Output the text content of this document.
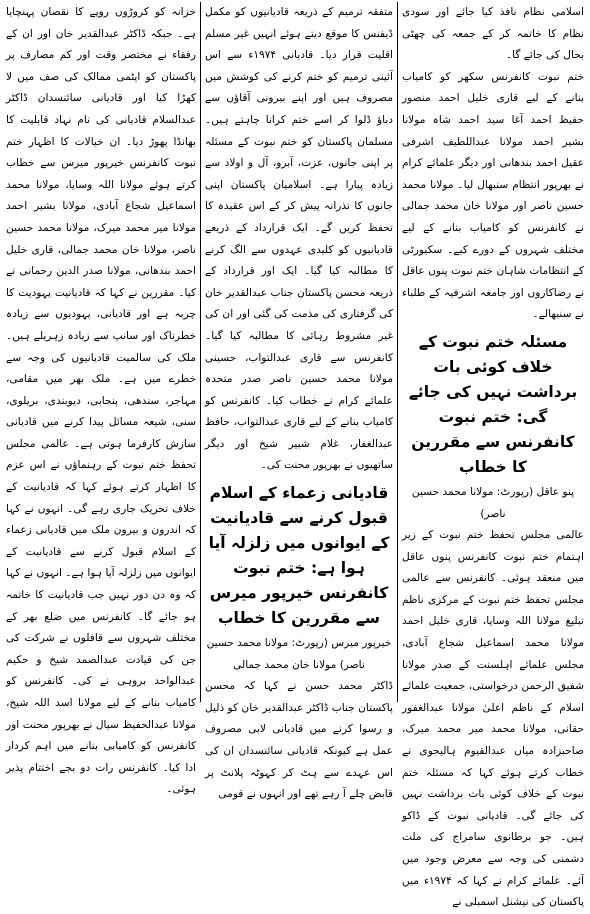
اسلامی نظام نافذ کیا جائے اور سودی نظام کا خاتمہ کر کے جمعہ کی چھٹی بحال کی جائے گا۔

ختم نبوت کانفرنس سکھر کو کامیاب بنانے کے لیے قاری خلیل احمد منصور حفیظ احمد آغا سید احمد شاہ مولانا بشیر احمد مولانا عبداللطیف اشرفی عقیل احمد بندھانی اور دیگر علمائے کرام نے بھرپور انتظام سنبھال لیا۔ مولانا محمد حسین ناصر اور مولانا خان محمد جمالی نے کانفرنس کو کامیاب بنانے کے لیے مختلف شہروں کے دورے کیے۔ سکیورٹی کے انتظامات شاہان ختم نبوت پنوں عاقل نے رضاکاروں اور جامعہ اشرفیہ کے طلباء نے سنبھالے۔

مسئلہ ختم نبوت کے خلاف کوئی بات برداشت نہیں کی جائے گی: ختم نبوت کانفرنس سے مقررین کا خطاب
پنو عاقل (رپورٹ: مولانا محمد حسین ناصر)

عالمی مجلس تحفظ ختم نبوت کے زیر اہتمام ختم نبوت کانفرنس پنوں عاقل میں منعقد ہوئی۔ کانفرنس سے عالمی مجلس تحفظ ختم نبوت کے مرکزی ناظم تبلیغ مولانا اللہ وسایا، قاری خلیل احمد مولانا محمد اسماعیل شجاع آبادی، مجلس علمائے اہلسنت کے صدر مولانا شفیق الرحمن درخواستی، جمعیت علمائے اسلام کے ناظم اعلیٰ مولانا عبدالغفور حقانی، مولانا محمد میر محمد میرک، صاحبزادہ میاں عبدالقیوم ہالیجوی نے خطاب کرتے ہوئے کہا کہ مسئلہ ختم نبوت کے خلاف کوئی بات برداشت نہیں کی جائے گی۔ قادیانی نبوت کے ڈاکو ہیں۔ جو برطانوی سامراج کی ملت دشمنی کی وجہ سے معرض وجود میں آئے۔ علمائے کرام نے کہا کہ ۱۹۷۴ء میں پاکستان کی نیشنل اسمبلی نے

متفقہ ترمیم کے ذریعہ قادیانیوں کو مکمل ڈیفنس کا موقع دیتے ہوئے انہیں غیر مسلم اقلیت قرار دیا۔ قادیانی ۱۹۷۴ء سے اس آئینی ترمیم کو ختم کرنے کی کوشش میں مصروف ہیں اور اپنے بیرونی آقاؤں سے دباؤ ڈلوا کر اسے ختم کرانا چاہتے ہیں۔ مسلمان پاکستان کو ختم نبوت کے مسئلہ پر اپنی جانوں، عزت، آبرو، آل و اولاد سے زیادہ پیارا ہے۔ اسلامیان پاکستان اپنی جانوں کا نذرانہ پیش کر کے اس عقیدہ کا تحفظ کریں گے۔ ایک قرارداد کے ذریعے قادیانیوں کو کلیدی عہدوں سے الگ کرنے کا مطالبہ کیا گیا۔ ایک اور قرارداد کے ذریعہ محسن پاکستان جناب عبدالقدیر خان کی گرفتاری کی مذمت کی گئی اور ان کی غیر مشروط رہائی کا مطالبہ کیا گیا۔ کانفرنس سے قاری عبدالتواب، حسینی مولانا محمد حسین ناصر صدر متحدہ علمائے کرام نے خطاب کیا۔ کانفرنس کو کامیاب بنانے کے لیے قاری عبدالتواب، حافظ عبدالغفار، غلام شبیر شیخ اور دیگر ساتھیوں نے بھرپور محنت کی۔

قادیانی زعماء کے اسلام قبول کرنے سے قادیانیت کے ایوانوں میں زلزلہ آیا ہوا ہے: ختم نبوت کانفرنس خیرپور میرس سے مقررین کا خطاب
خیرپور میرس (رپورٹ: مولانا محمد حسین ناصر) مولانا خان محمد جمالی

ڈاکٹر محمد حسن نے کہا کہ محسن پاکستان جناب ڈاکٹر عبدالقدیر خان کو ذلیل و رسوا کرنے میں قادیانی لابی مصروف عمل ہے کیونکہ قادیانی سائنسدان ان کی اس عہدے سے ہٹ کر کہوٹہ پلانٹ پر قابض چلے آ رہے تھے اور انہوں نے قومی

خزانہ کو کروڑوں روپے کا نقصان پہنچایا ہے۔ جبکہ ڈاکٹر عبدالقدیر خان اور ان کے رفقاء نے مختصر وقت اور کم مصارف پر پاکستان کو ایٹمی ممالک کی صف میں لا کھڑا کیا اور قادیانی سائنسدان ڈاکٹر عبدالسلام قادیانی کی نام نہاد قابلیت کا بھانڈا پھوڑ دیا۔ ان خیالات کا اظہار ختم نبوت کانفرنس خیرپور میرس سے خطاب کرتے ہوئے مولانا اللہ وسایا، مولانا محمد اسماعیل شجاع آبادی، مولانا بشیر احمد مولانا میر محمد میرک، مولانا محمد حسین ناصر، مولانا خان محمد جمالی، قاری خلیل احمد بندھانی، مولانا صدر الدین رحمانی نے کیا۔ مقررین نے کہا کہ قادیانیت یہودیت کا چربہ ہے اور قادیانی، یہودیوں سے زیادہ خطرناک اور سانپ سے زیادہ زہریلے ہیں۔ ملک کی سالمیت قادیانیوں کی وجہ سے خطرے میں ہے۔ ملک بھر میں مقامی، مہاجر، سندھی، پنجابی، دیوبندی، بریلوی، سنی، شیعہ مسائل پیدا کرنے میں قادیانی سازش کارفرما ہوتی ہے۔ عالمی مجلس تحفظ ختم نبوت کے رہنماؤں نے اس عزم کا اظہار کرتے ہوئے کہا کہ قادیانیت کے خلاف تحریک جاری رہے گی۔ انہوں نے کہا کہ اندرون و بیرون ملک میں قادیانی زعماء کے اسلام قبول کرنے سے قادیانیت کے ایوانوں میں زلزلہ آیا ہوا ہے۔ انہوں نے کہا کہ وہ دن دور نہیں جب قادیانیت کا خاتمہ ہو جائے گا۔ کانفرنس میں ضلع بھر کے مختلف شہروں سے قافلوں نے شرکت کی جن کی قیادت عبدالصمد شیخ و حکیم عبدالواحد بروہی نے کی۔ کانفرنس کو کامیاب بنانے کے لیے مولانا اسد اللہ شیخ، مولانا عبدالحفیظ سیال نے بھرپور محنت اور کانفرنس کو کامیابی بنانے میں اہم کردار ادا کیا۔ کانفرنس رات دو بجے اختتام پذیر ہوئی۔
